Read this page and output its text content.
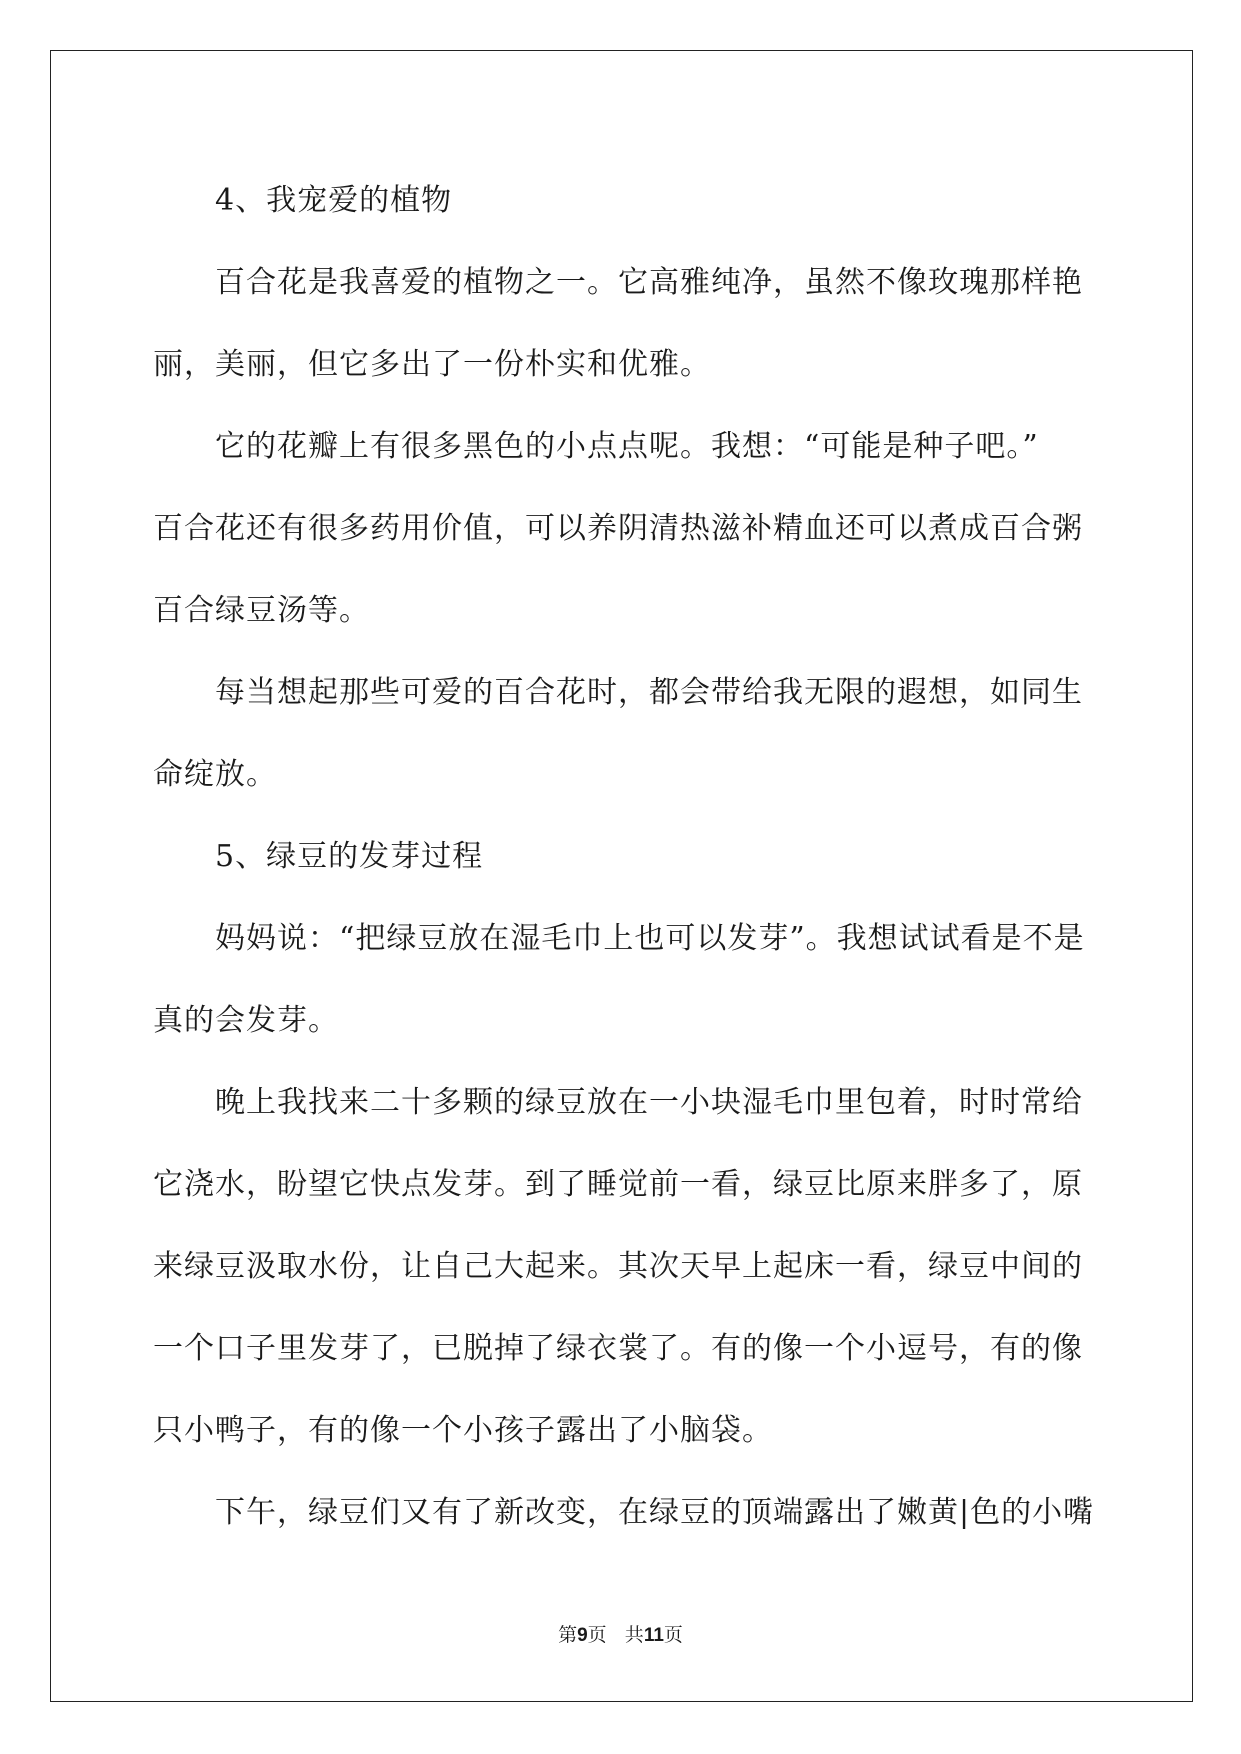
4、我宠爱的植物
百合花是我喜爱的植物之一。它高雅纯净，虽然不像玫瑰那样艳
丽，美丽，但它多出了一份朴实和优雅。
它的花瓣上有很多黑色的小点点呢。我想：“可能是种子吧。”
百合花还有很多药用价值，可以养阴清热滋补精血还可以煮成百合粥
百合绿豆汤等。
每当想起那些可爱的百合花时，都会带给我无限的遐想，如同生
命绽放。
5、绿豆的发芽过程
妈妈说：“把绿豆放在湿毛巾上也可以发芽”。我想试试看是不是
真的会发芽。
晚上我找来二十多颗的绿豆放在一小块湿毛巾里包着，时时常给
它浇水，盼望它快点发芽。到了睡觉前一看，绿豆比原来胖多了，原
来绿豆汲取水份，让自己大起来。其次天早上起床一看，绿豆中间的
一个口子里发芽了，已脱掉了绿衣裳了。有的像一个小逗号，有的像
只小鸭子，有的像一个小孩子露出了小脑袋。
下午，绿豆们又有了新改变，在绿豆的顶端露出了嫩黄|色的小嘴
第9页 共11页
